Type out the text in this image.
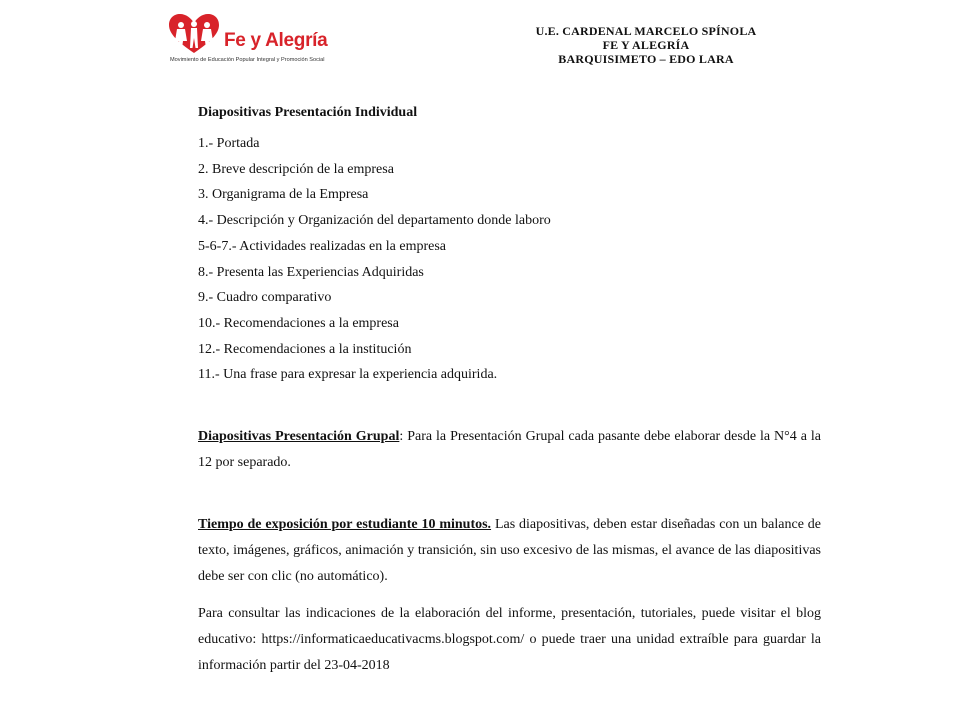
Fe y Alegría
Movimiento de Educación Popular Integral y Promoción Social
U.E. CARDENAL MARCELO SPÍNOLA
FE Y ALEGRÍA
BARQUISIMETO – EDO LARA
Diapositivas Presentación Individual
1.- Portada
2. Breve descripción de la empresa
3. Organigrama de la Empresa
4.- Descripción y Organización del departamento donde laboro
5-6-7.- Actividades realizadas en la empresa
8.- Presenta las Experiencias Adquiridas
9.- Cuadro comparativo
10.- Recomendaciones a la empresa
12.- Recomendaciones a la institución
11.- Una frase para expresar la experiencia adquirida.

Diapositivas Presentación Grupal: Para la Presentación Grupal cada pasante debe elaborar desde la N°4 a la 12 por separado.

Tiempo de exposición por estudiante 10 minutos. Las diapositivas, deben estar diseñadas con un balance de texto, imágenes, gráficos, animación y transición, sin uso excesivo de las mismas, el avance de las diapositivas debe ser con clic (no automático).

Para consultar las indicaciones de la elaboración del informe, presentación, tutoriales, puede visitar el blog educativo: https://informaticaeducativacms.blogspot.com/ o puede traer una unidad extraíble para guardar la información partir del 23-04-2018
